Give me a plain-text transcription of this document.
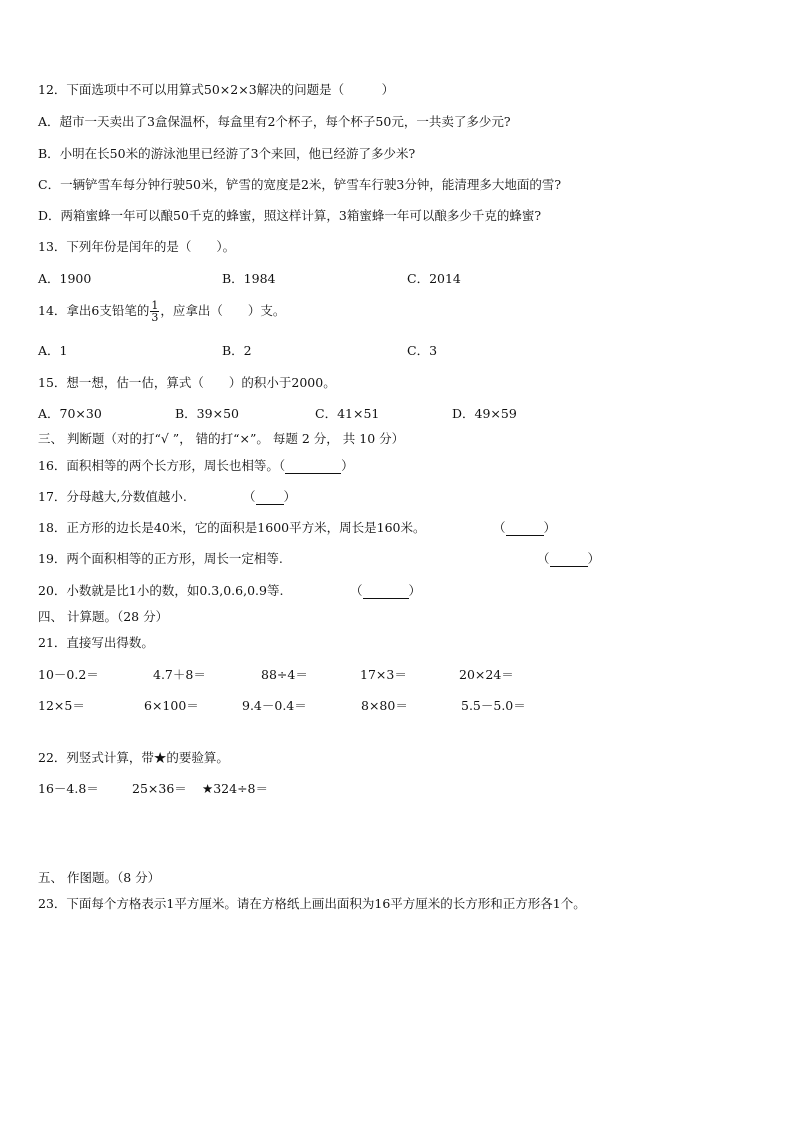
12．下面选项中不可以用算式50×2×3解决的问题是（　　　）
A．超市一天卖出了3盒保温杯，每盒里有2个杯子，每个杯子50元，一共卖了多少元?
B．小明在长50米的游泳池里已经游了3个来回，他已经游了多少米?
C．一辆铲雪车每分钟行驶50米，铲雪的宽度是2米，铲雪车行驶3分钟，能清理多大地面的雪?
D．两箱蜜蜂一年可以酿50千克的蜂蜜，照这样计算，3箱蜜蜂一年可以酿多少千克的蜂蜜?
13．下列年份是闰年的是（　　）。
A．1900	B．1984	C．2014
14．拿出6支铅笔的 $\frac{1}{3}$ ，应拿出（　　）支。
A．1	B．2	C．3
15．想一想，估一估，算式（　　）的积小于2000。
A．70×30	B．39×50	C．41×51	D．49×59
三、 判断题（对的打“√ ”， 错的打“×”。 每题 2 分， 共 10 分）
16．面积相等的两个长方形，周长也相等。（	）
17．分母越大,分数值越小.	（ ）
18．正方形的边长是40米，它的面积是1600平方米，周长是160米。	（	）
19．两个面积相等的正方形，周长一定相等.	（	）
20．小数就是比1小的数，如0.3,0.6,0.9等.	（	）
四、 计算题。（28 分）
21．直接写出得数。
10－0.2＝	4.7＋8＝	88÷4＝	17×3＝	20×24＝
12×5＝	6×100＝	9.4－0.4＝	8×80＝	5.5－5.0＝
22．列竖式计算，带★的要验算。
16－4.8＝	25×36＝ ★324÷8＝
五、 作图题。（8 分）
23．下面每个方格表示1平方厘米。请在方格纸上画出面积为16平方厘米的长方形和正方形各1个。
